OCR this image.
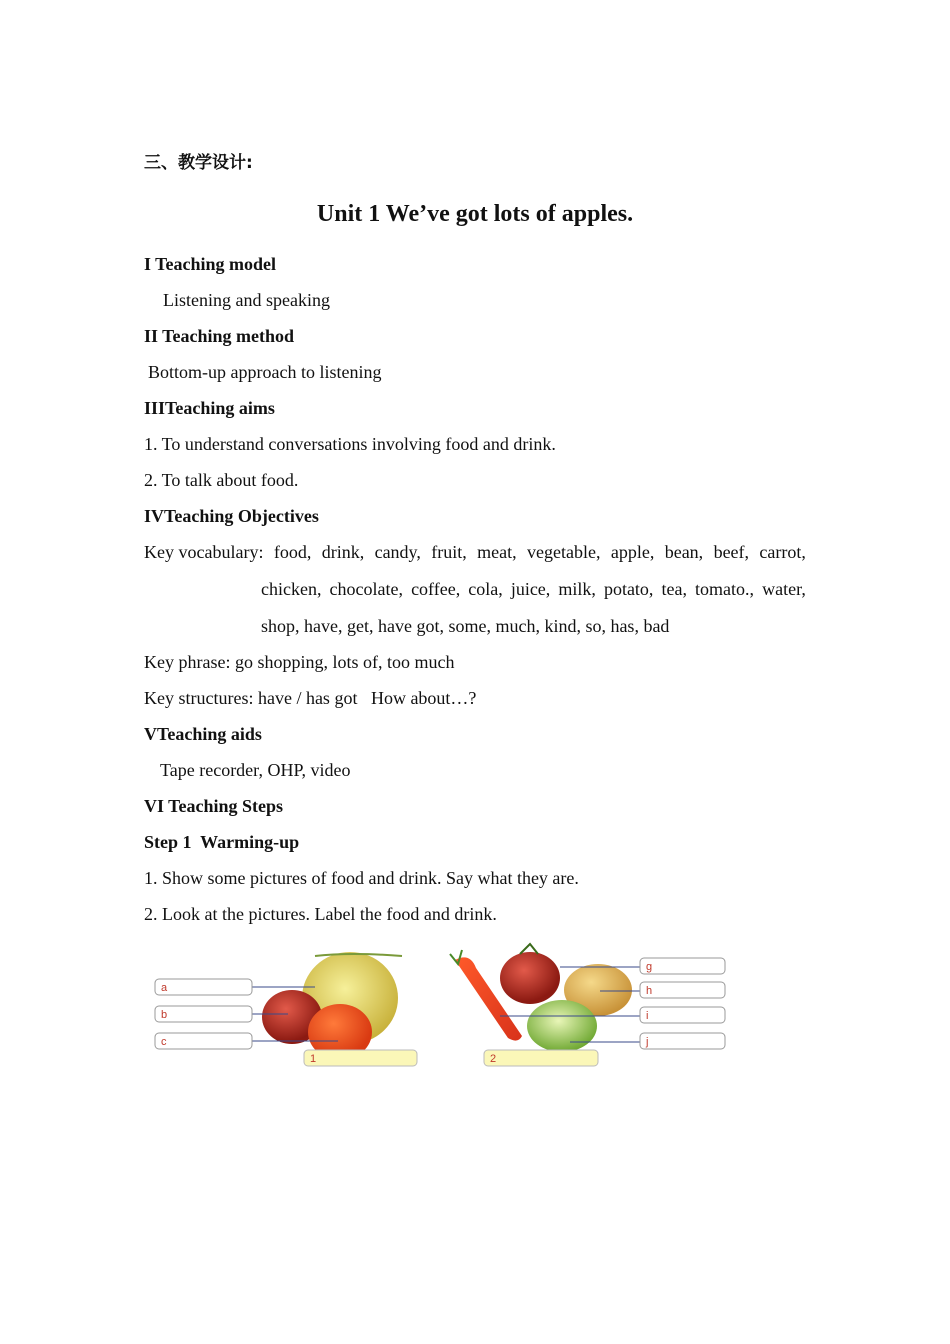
三、教学设计:
Unit 1 We’ve got lots of apples.
I Teaching model
Listening and speaking
II Teaching method
Bottom-up approach to listening
IIITeaching aims
1. To understand conversations involving food and drink.
2. To talk about food.
IVTeaching Objectives
Key vocabulary: food, drink, candy, fruit, meat, vegetable, apple, bean, beef, carrot,
chicken, chocolate, coffee, cola, juice, milk, potato, tea, tomato., water,
shop, have, get, have got, some, much, kind, so, has, bad
Key phrase: go shopping, lots of, too much
Key structures: have / has got   How about…?
VTeaching aids
Tape recorder, OHP, video
VI Teaching Steps
Step 1  Warming-up
1. Show some pictures of food and drink. Say what they are.
2. Look at the pictures. Label the food and drink.
a
b
c
1
g
h
i
j
2
